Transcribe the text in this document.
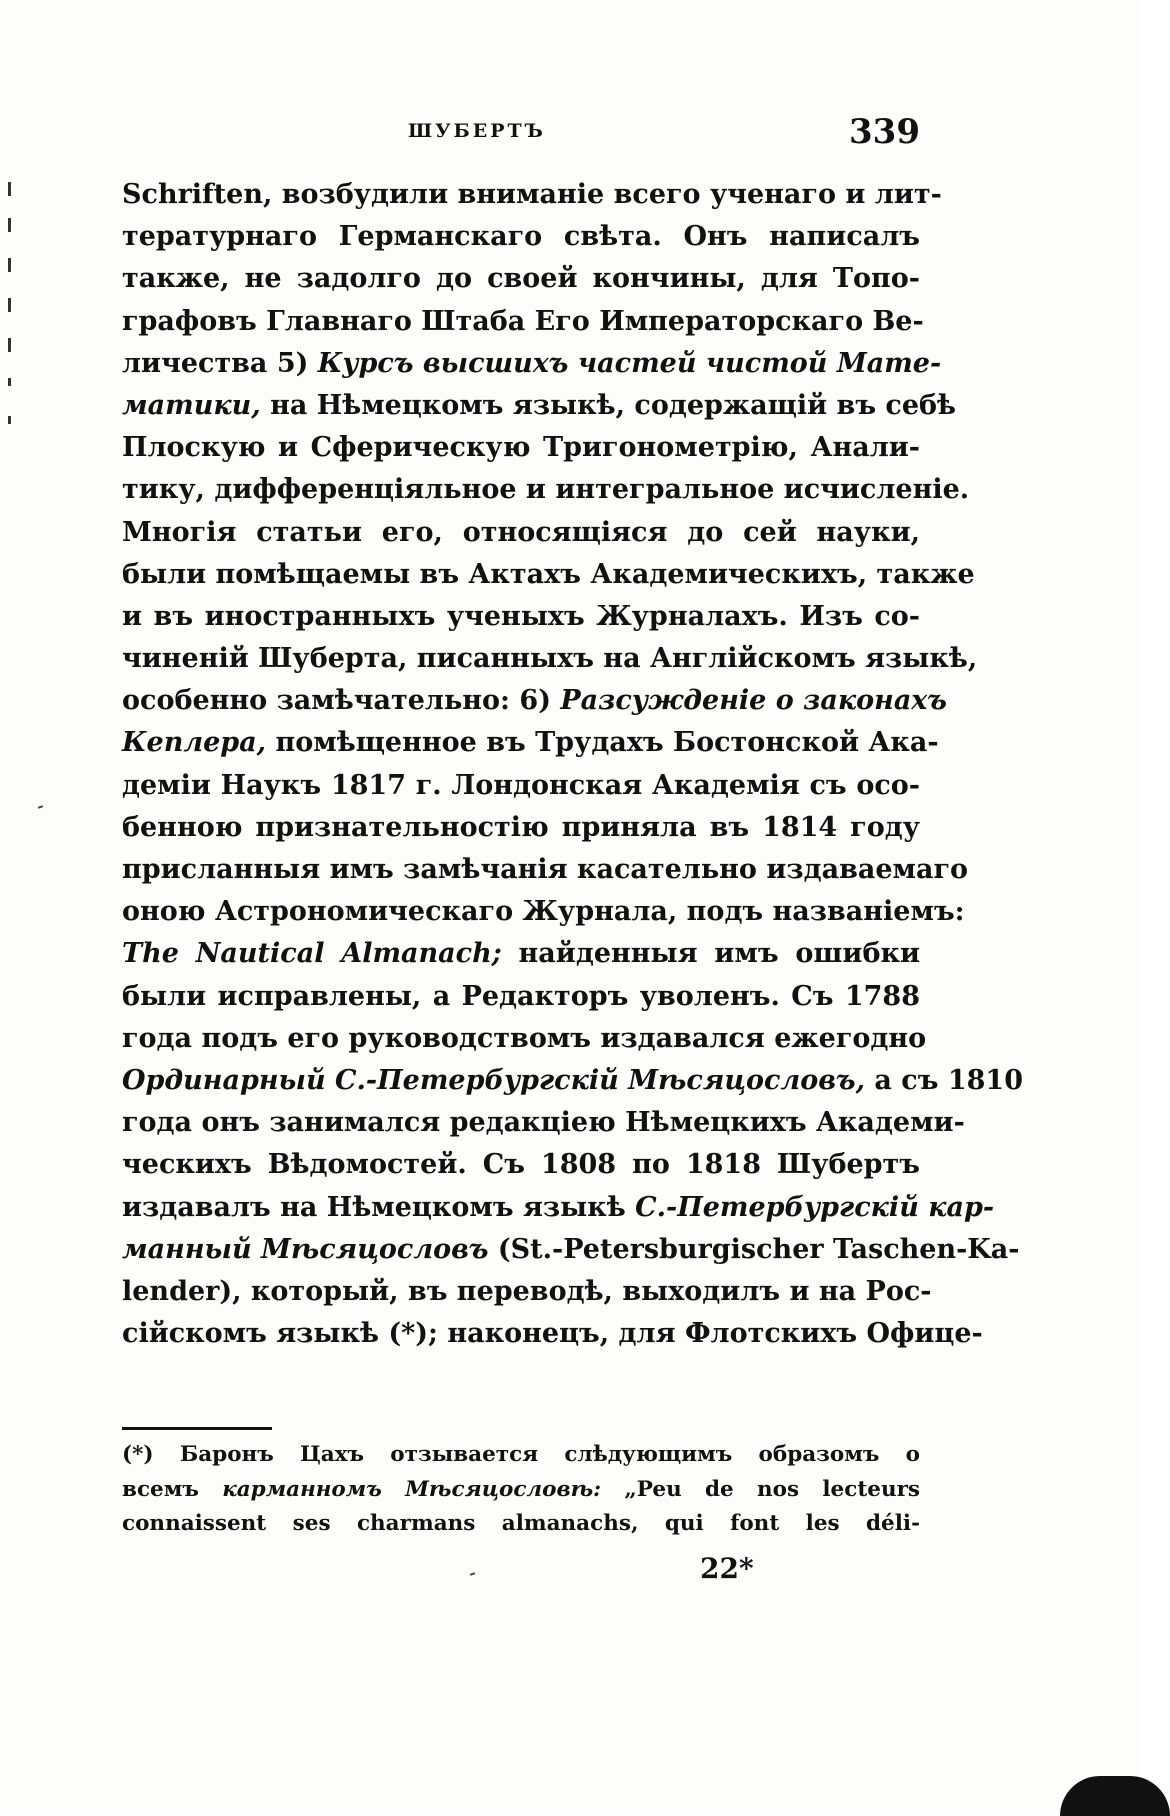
ШУБЕРТЪ	339
Schriften, возбудили вниманіе всего ученаго и лит-
тературнаго Германскаго свѣта. Онъ написалъ
также, не задолго до своей кончины, для Топо-
графовъ Главнаго Штаба Его Императорскаго Ве-
личества 5) Курсъ высшихъ частей чистой Мате-
матики, на Нѣмецкомъ языкѣ, содержащій въ себѣ
Плоскую и Сферическую Тригонометрію, Анали-
тику, дифференціяльное и интегральное исчисленіе.
Многія статьи его, относящіяся до сей науки,
были помѣщаемы въ Актахъ Академическихъ, также
и въ иностранныхъ ученыхъ Журналахъ. Изъ со-
чиненій Шуберта, писанныхъ на Англійскомъ языкѣ,
особенно замѣчательно: 6) Разсужденіе о законахъ
Кеплера, помѣщенное въ Трудахъ Бостонской Ака-
деміи Наукъ 1817 г. Лондонская Академія съ осо-
бенною признательностію приняла въ 1814 году
присланныя имъ замѣчанія касательно издаваемаго
оною Астрономическаго Журнала, подъ названіемъ:
The Nautical Almanach; найденныя имъ ошибки
были исправлены, а Редакторъ уволенъ. Съ 1788
года подъ его руководствомъ издавался ежегодно
Ординарный С.-Петербургскій Мѣсяцословъ, а съ 1810
года онъ занимался редакціею Нѣмецкихъ Академи-
ческихъ Вѣдомостей. Съ 1808 по 1818 Шубертъ
издавалъ на Нѣмецкомъ языкѣ С.-Петербургскій кар-
манный Мѣсяцословъ (St.-Petersburgischer Taschen-Ka-
lender), который, въ переводѣ, выходилъ и на Рос-
сійскомъ языкѣ (*); наконецъ, для Флотскихъ Офице-
(*) Баронъ Цахъ отзывается слѣдующимъ образомъ о
всемъ карманномъ Мѣсяцословѣ: „Peu de nos lecteurs
connaissent ses charmans almanachs, qui font les déli-
22*
